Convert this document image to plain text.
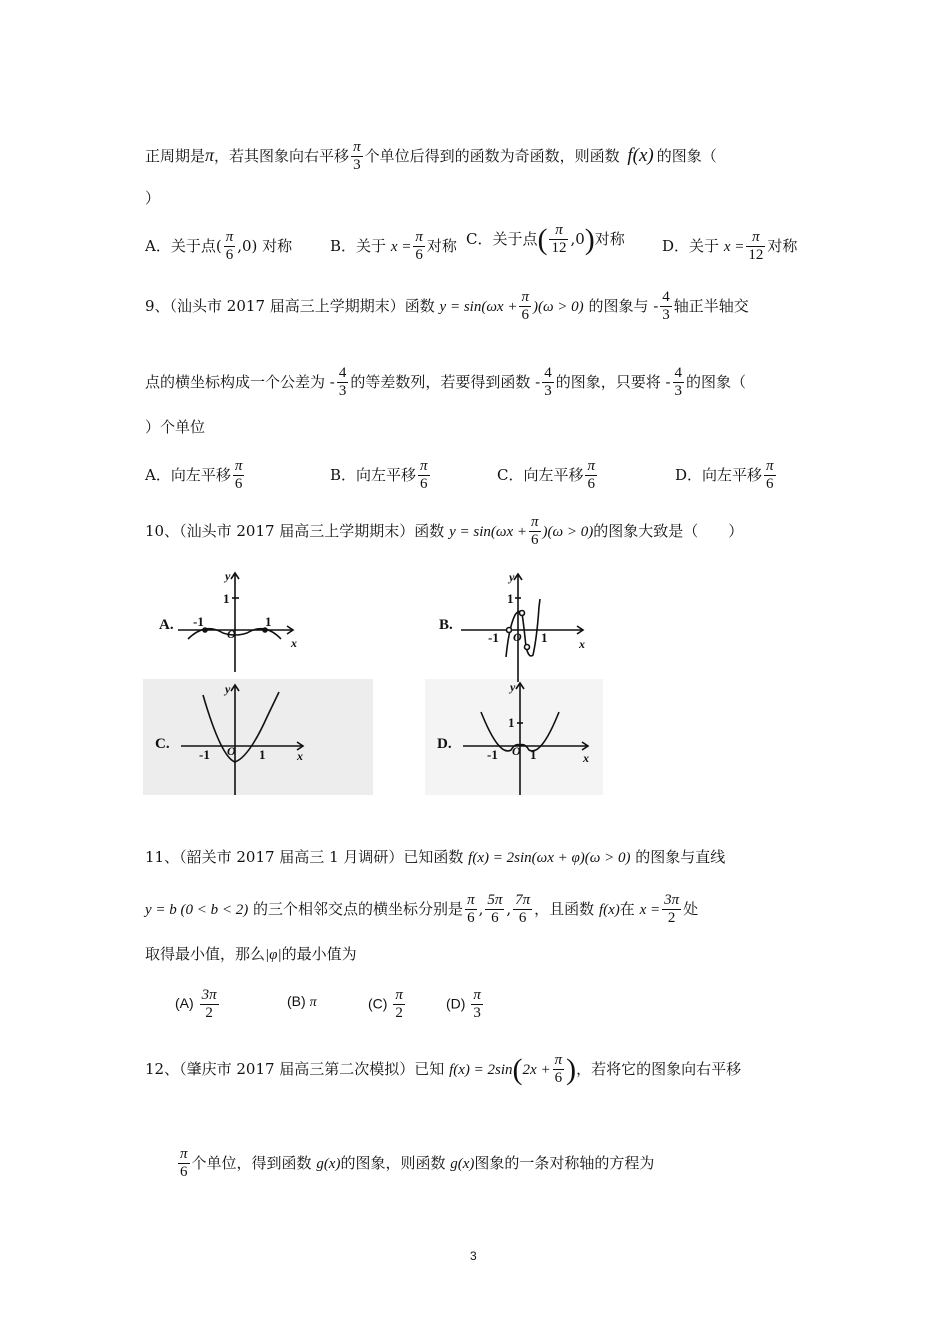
正周期是π，若其图象向右平移 $\frac{\pi}{3}$ 个单位后得到的函数为奇函数，则函数 f(x) 的图象（
）
A．关于点( $\frac{\pi}{6} ,0$) 对称	B．关于 $x = \frac{\pi}{6}$ 对称 C．关于点( $\frac{\pi}{12} ,0$)对称 D．关于 $x = \frac{\pi}{12}$ 对称
9、（汕头市 2017 届高三上学期期末）函数 $y = \sin(\omega x + \frac{\pi}{6} )(\omega > 0)$ 的图象与 - $\frac{4}{3}$ 轴正半轴交
点的横坐标构成一个公差为 - $\frac{4}{3}$ 的等差数列，若要得到函数 - $\frac{4}{3}$ 的图象，只要将 - $\frac{4}{3}$ 的图象（
）个单位
A．向左平移 $\frac{\pi}{6}$	B．向左平移 $\frac{\pi}{6}$	C．向左平移 $\frac{\pi}{6}$	D．向左平移 $\frac{\pi}{6}$
10、（汕头市 2017 届高三上学期期末）函数 $y = \sin(\omega x + \frac{\pi}{6} )(\omega > 0)$的图象大致是（　　）
A.
y
x
1
-1
O
1	B.
y
x
1
-1 O 1
C.
y
x
-1 O 1
D.
y
x
1
-1 O 1
11、（韶关市 2017 届高三 1 月调研）已知函数 f(x) = 2sin(ωx + φ)(ω > 0) 的图象与直线
y = b (0 < b < 2) 的三个相邻交点的横坐标分别是 $\frac{\pi}{6}$ , $\frac{5\pi}{6}$ , $\frac{7\pi}{6}$ ，且函数 f(x)在 $x = \frac{3\pi}{2}$ 处
取得最小值，那么|φ|的最小值为
$(A) \frac{3\pi}{2}$	(B) π	$(C) \frac{\pi}{2}$	$(D) \frac{\pi}{3}$
12、（肇庆市 2017 届高三第二次模拟）已知 $f(x) = 2\sin(2x + \frac{\pi}{6}$ )，若将它的图象向右平移
$\frac{\pi}{6}$ 个单位，得到函数 g(x)的图象，则函数 g(x)图象的一条对称轴的方程为
3
